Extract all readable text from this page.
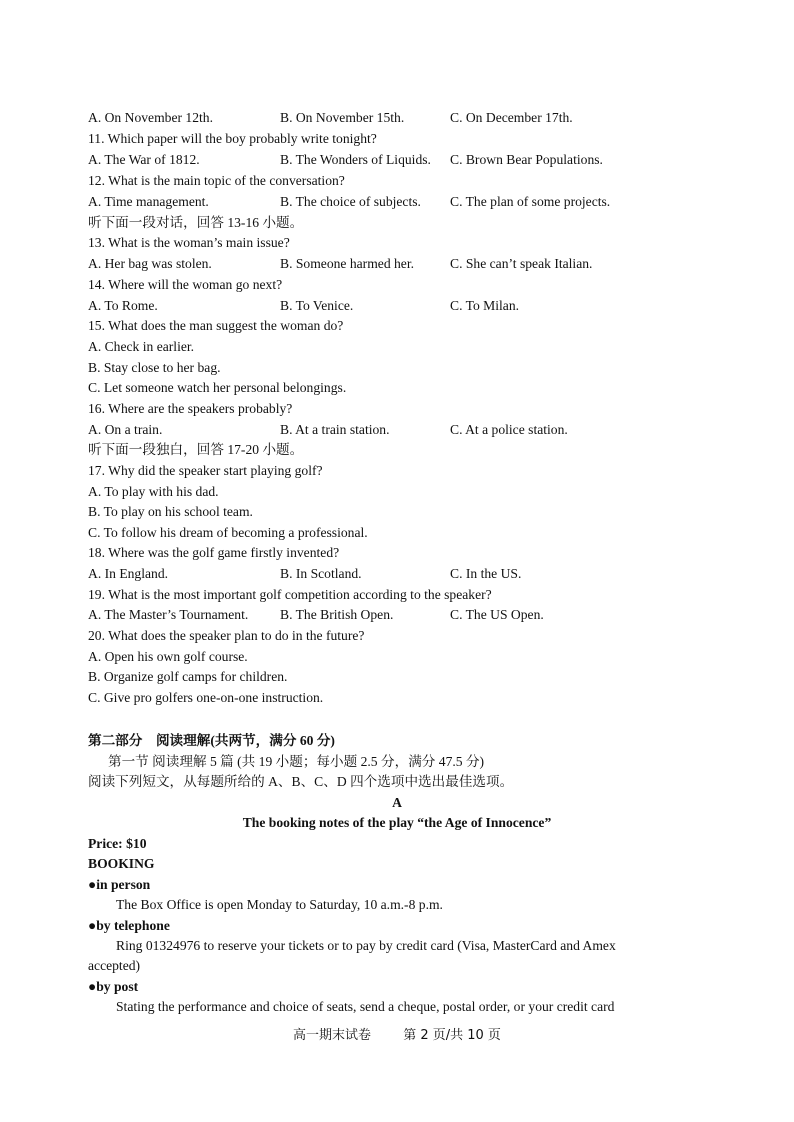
A. On November 12th.	B. On November 15th.	C. On December 17th.
11. Which paper will the boy probably write tonight?
A. The War of 1812.	B. The Wonders of Liquids. C. Brown Bear Populations.
12. What is the main topic of the conversation?
A. Time management.	B. The choice of subjects. C. The plan of some projects.
听下面一段对话，回答 13-16 小题。
13. What is the woman’s main issue?
A. Her bag was stolen.	B. Someone harmed her.	C. She can’t speak Italian.
14. Where will the woman go next?
A. To Rome.	B. To Venice.	C. To Milan.
15. What does the man suggest the woman do?
A. Check in earlier.
B. Stay close to her bag.
C. Let someone watch her personal belongings.
16. Where are the speakers probably?
A. On a train.	B. At a train station.	C. At a police station.
听下面一段独白，回答 17-20 小题。
17. Why did the speaker start playing golf?
A. To play with his dad.
B. To play on his school team.
C. To follow his dream of becoming a professional.
18. Where was the golf game firstly invented?
A. In England.	B. In Scotland.	C. In the US.
19. What is the most important golf competition according to the speaker?
A. The Master’s Tournament. B. The British Open.	C. The US Open.
20. What does the speaker plan to do in the future?
A. Open his own golf course.
B. Organize golf camps for children.
C. Give pro golfers one-on-one instruction.
第二部分　阅读理解(共两节，满分 60 分)
第一节 阅读理解 5 篇 (共 19 小题；每小题 2.5 分，满分 47.5 分)
阅读下列短文，从每题所给的 A、B、C、D 四个选项中选出最佳选项。
A
The booking notes of the play “the Age of Innocence”
Price: $10
BOOKING
●in person
The Box Office is open Monday to Saturday, 10 a.m.-8 p.m.
●by telephone
Ring 01324976 to reserve your tickets or to pay by credit card (Visa, MasterCard and Amex
accepted)
●by post
Stating the performance and choice of seats, send a cheque, postal order, or your credit card
高一期末试卷 第 2 页/共 10 页
